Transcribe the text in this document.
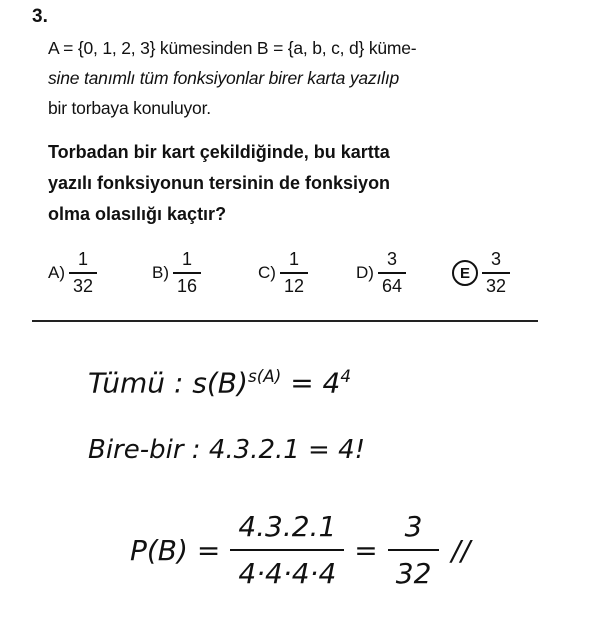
3.
A = {0, 1, 2, 3} kümesinden B = {a, b, c, d} küme-
sine tanımlı tüm fonksiyonlar birer karta yazılıp
bir torbaya konuluyor.
Torbadan bir kart çekildiğinde, bu kartta
yazılı fonksiyonun tersinin de fonksiyon
olma olasılığı kaçtır?
$A) \frac{1}{32}$	$B) \frac{1}{16}$	$C) \frac{1}{12}$	$D) \frac{3}{64}$	E $\frac{3}{32}$
Tümü : $s(B)^{s(A)} = 4^4$
Bire-bir : 4.3.2.1 = 4!
$P(B) = \frac{4.3.2.1}{4\cdot 4\cdot 4\cdot 4} = \frac{3}{32}$ //
